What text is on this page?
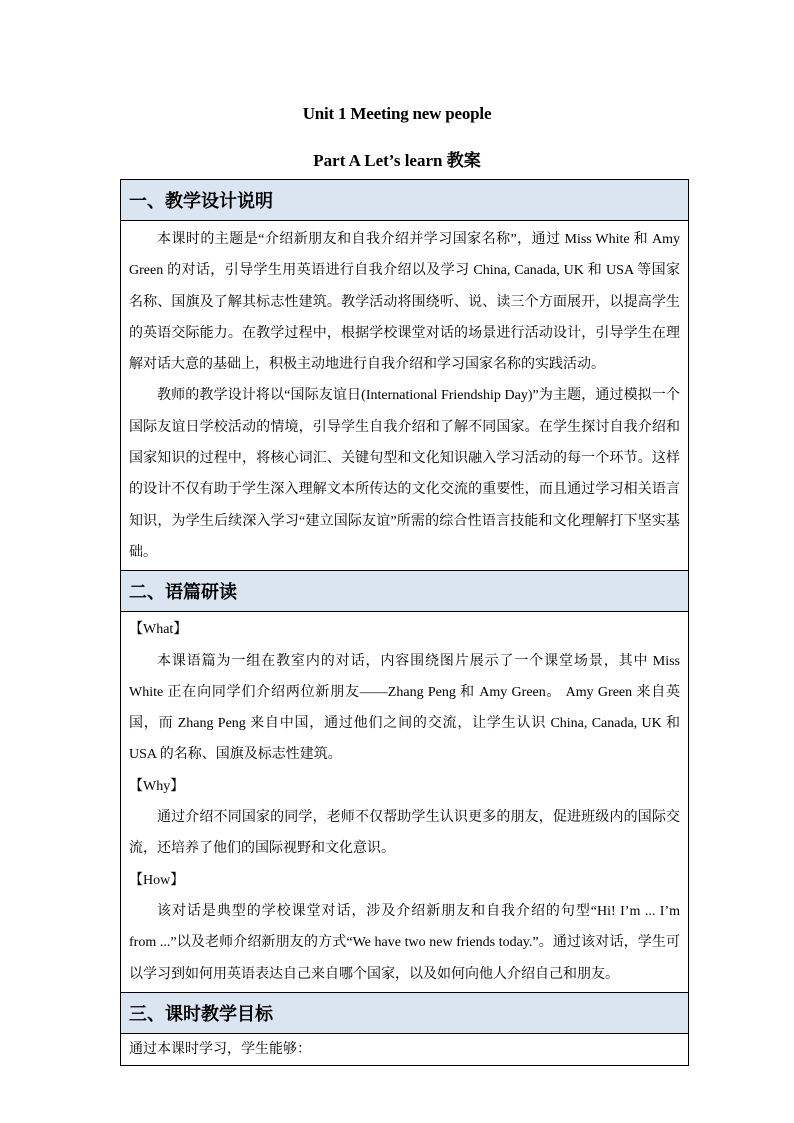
Unit 1 Meeting new people
Part A Let’s learn 教案
一、教学设计说明

本课时的主题是“介绍新朋友和自我介绍并学习国家名称”，通过 Miss White 和 Amy Green 的对话，引导学生用英语进行自我介绍以及学习 China, Canada, UK 和 USA 等国家名称、国旗及了解其标志性建筑。教学活动将围绕听、说、读三个方面展开，以提高学生的英语交际能力。在教学过程中，根据学校课堂对话的场景进行活动设计，引导学生在理解对话大意的基础上，积极主动地进行自我介绍和学习国家名称的实践活动。

教师的教学设计将以“国际友谊日(International Friendship Day)”为主题，通过模拟一个国际友谊日学校活动的情境，引导学生自我介绍和了解不同国家。在学生探讨自我介绍和国家知识的过程中，将核心词汇、关键句型和文化知识融入学习活动的每一个环节。这样的设计不仅有助于学生深入理解文本所传达的文化交流的重要性，而且通过学习相关语言知识，为学生后续深入学习“建立国际友谊”所需的综合性语言技能和文化理解打下坚实基础。

二、语篇研读

【What】

本课语篇为一组在教室内的对话，内容围绕图片展示了一个课堂场景，其中 Miss White 正在向同学们介绍两位新朋友——Zhang Peng 和 Amy Green。 Amy Green 来自英国，而 Zhang Peng 来自中国，通过他们之间的交流，让学生认识 China, Canada, UK 和 USA 的名称、国旗及标志性建筑。

【Why】

通过介绍不同国家的同学，老师不仅帮助学生认识更多的朋友，促进班级内的国际交流，还培养了他们的国际视野和文化意识。

【How】

该对话是典型的学校课堂对话，涉及介绍新朋友和自我介绍的句型“Hi! I’m ... I’m from ...”以及老师介绍新朋友的方式“We have two new friends today.”。通过该对话，学生可以学习到如何用英语表达自己来自哪个国家，以及如何向他人介绍自己和朋友。

三、课时教学目标

通过本课时学习，学生能够：
